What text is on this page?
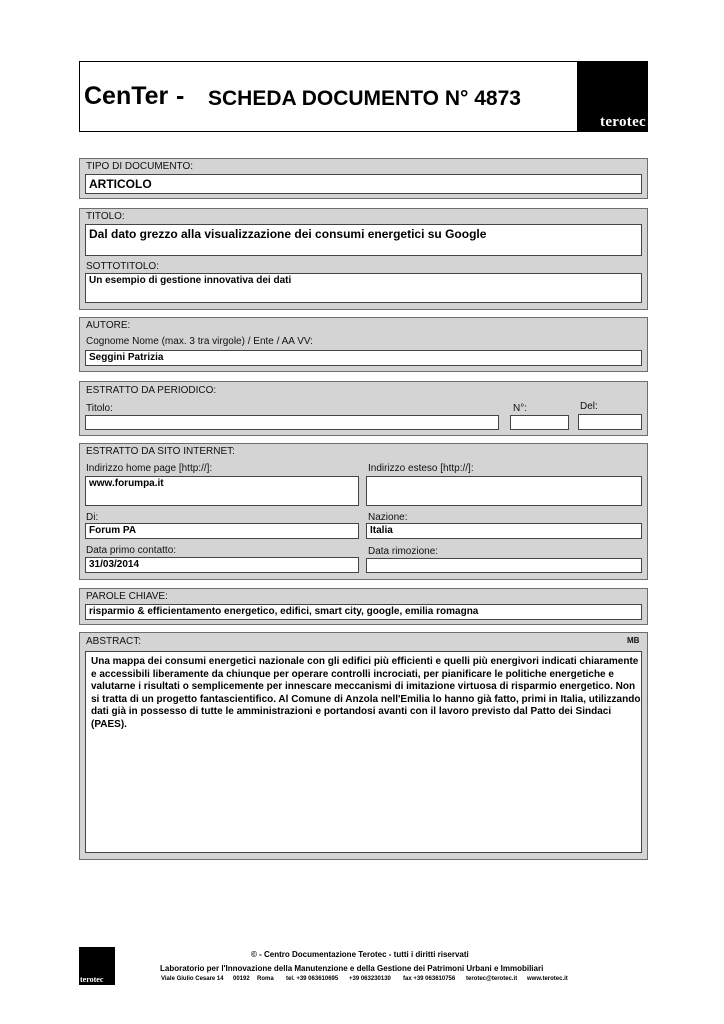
CenTer - SCHEDA DOCUMENTO N° 4873
terotec
TIPO DI DOCUMENTO:
ARTICOLO
TITOLO:
Dal dato grezzo alla visualizzazione dei consumi energetici su Google
SOTTOTITOLO:
Un esempio di gestione innovativa dei dati
AUTORE:
Cognome Nome (max. 3 tra virgole) / Ente / AA VV:
Seggini Patrizia
ESTRATTO DA PERIODICO:
Titolo:	N°:	Del:
ESTRATTO DA SITO INTERNET:
Indirizzo home page [http://]:
www.forumpa.it
Indirizzo esteso [http://]:
Di:
Forum PA
Nazione:
Italia
Data primo contatto:
31/03/2014
Data rimozione:
PAROLE CHIAVE:
risparmio & efficientamento energetico, edifici, smart city, google, emilia romagna
ABSTRACT:	MB

Una mappa dei consumi energetici nazionale con gli edifici più efficienti e quelli più energivori indicati chiaramente e accessibili liberamente da chiunque per operare controlli incrociati, per pianificare le politiche energetiche e valutarne i risultati o semplicemente per innescare meccanismi di imitazione virtuosa di risparmio energetico. Non si tratta di un progetto fantascientifico. Al Comune di Anzola nell'Emilia lo hanno già fatto, primi in Italia, utilizzando dati già in possesso di tutte le amministrazioni e portandosi avanti con il lavoro previsto dal Patto dei Sindaci (PAES).

terotec
© - Centro Documentazione Terotec - tutti i diritti riservati
Laboratorio per l'Innovazione della Manutenzione e della Gestione dei Patrimoni Urbani e Immobiliari
Viale Giulio Cesare 14 00192 Roma tel. +39 063610695 +39 063230130 fax +39 063610756 terotec@terotec.it www.terotec.it
